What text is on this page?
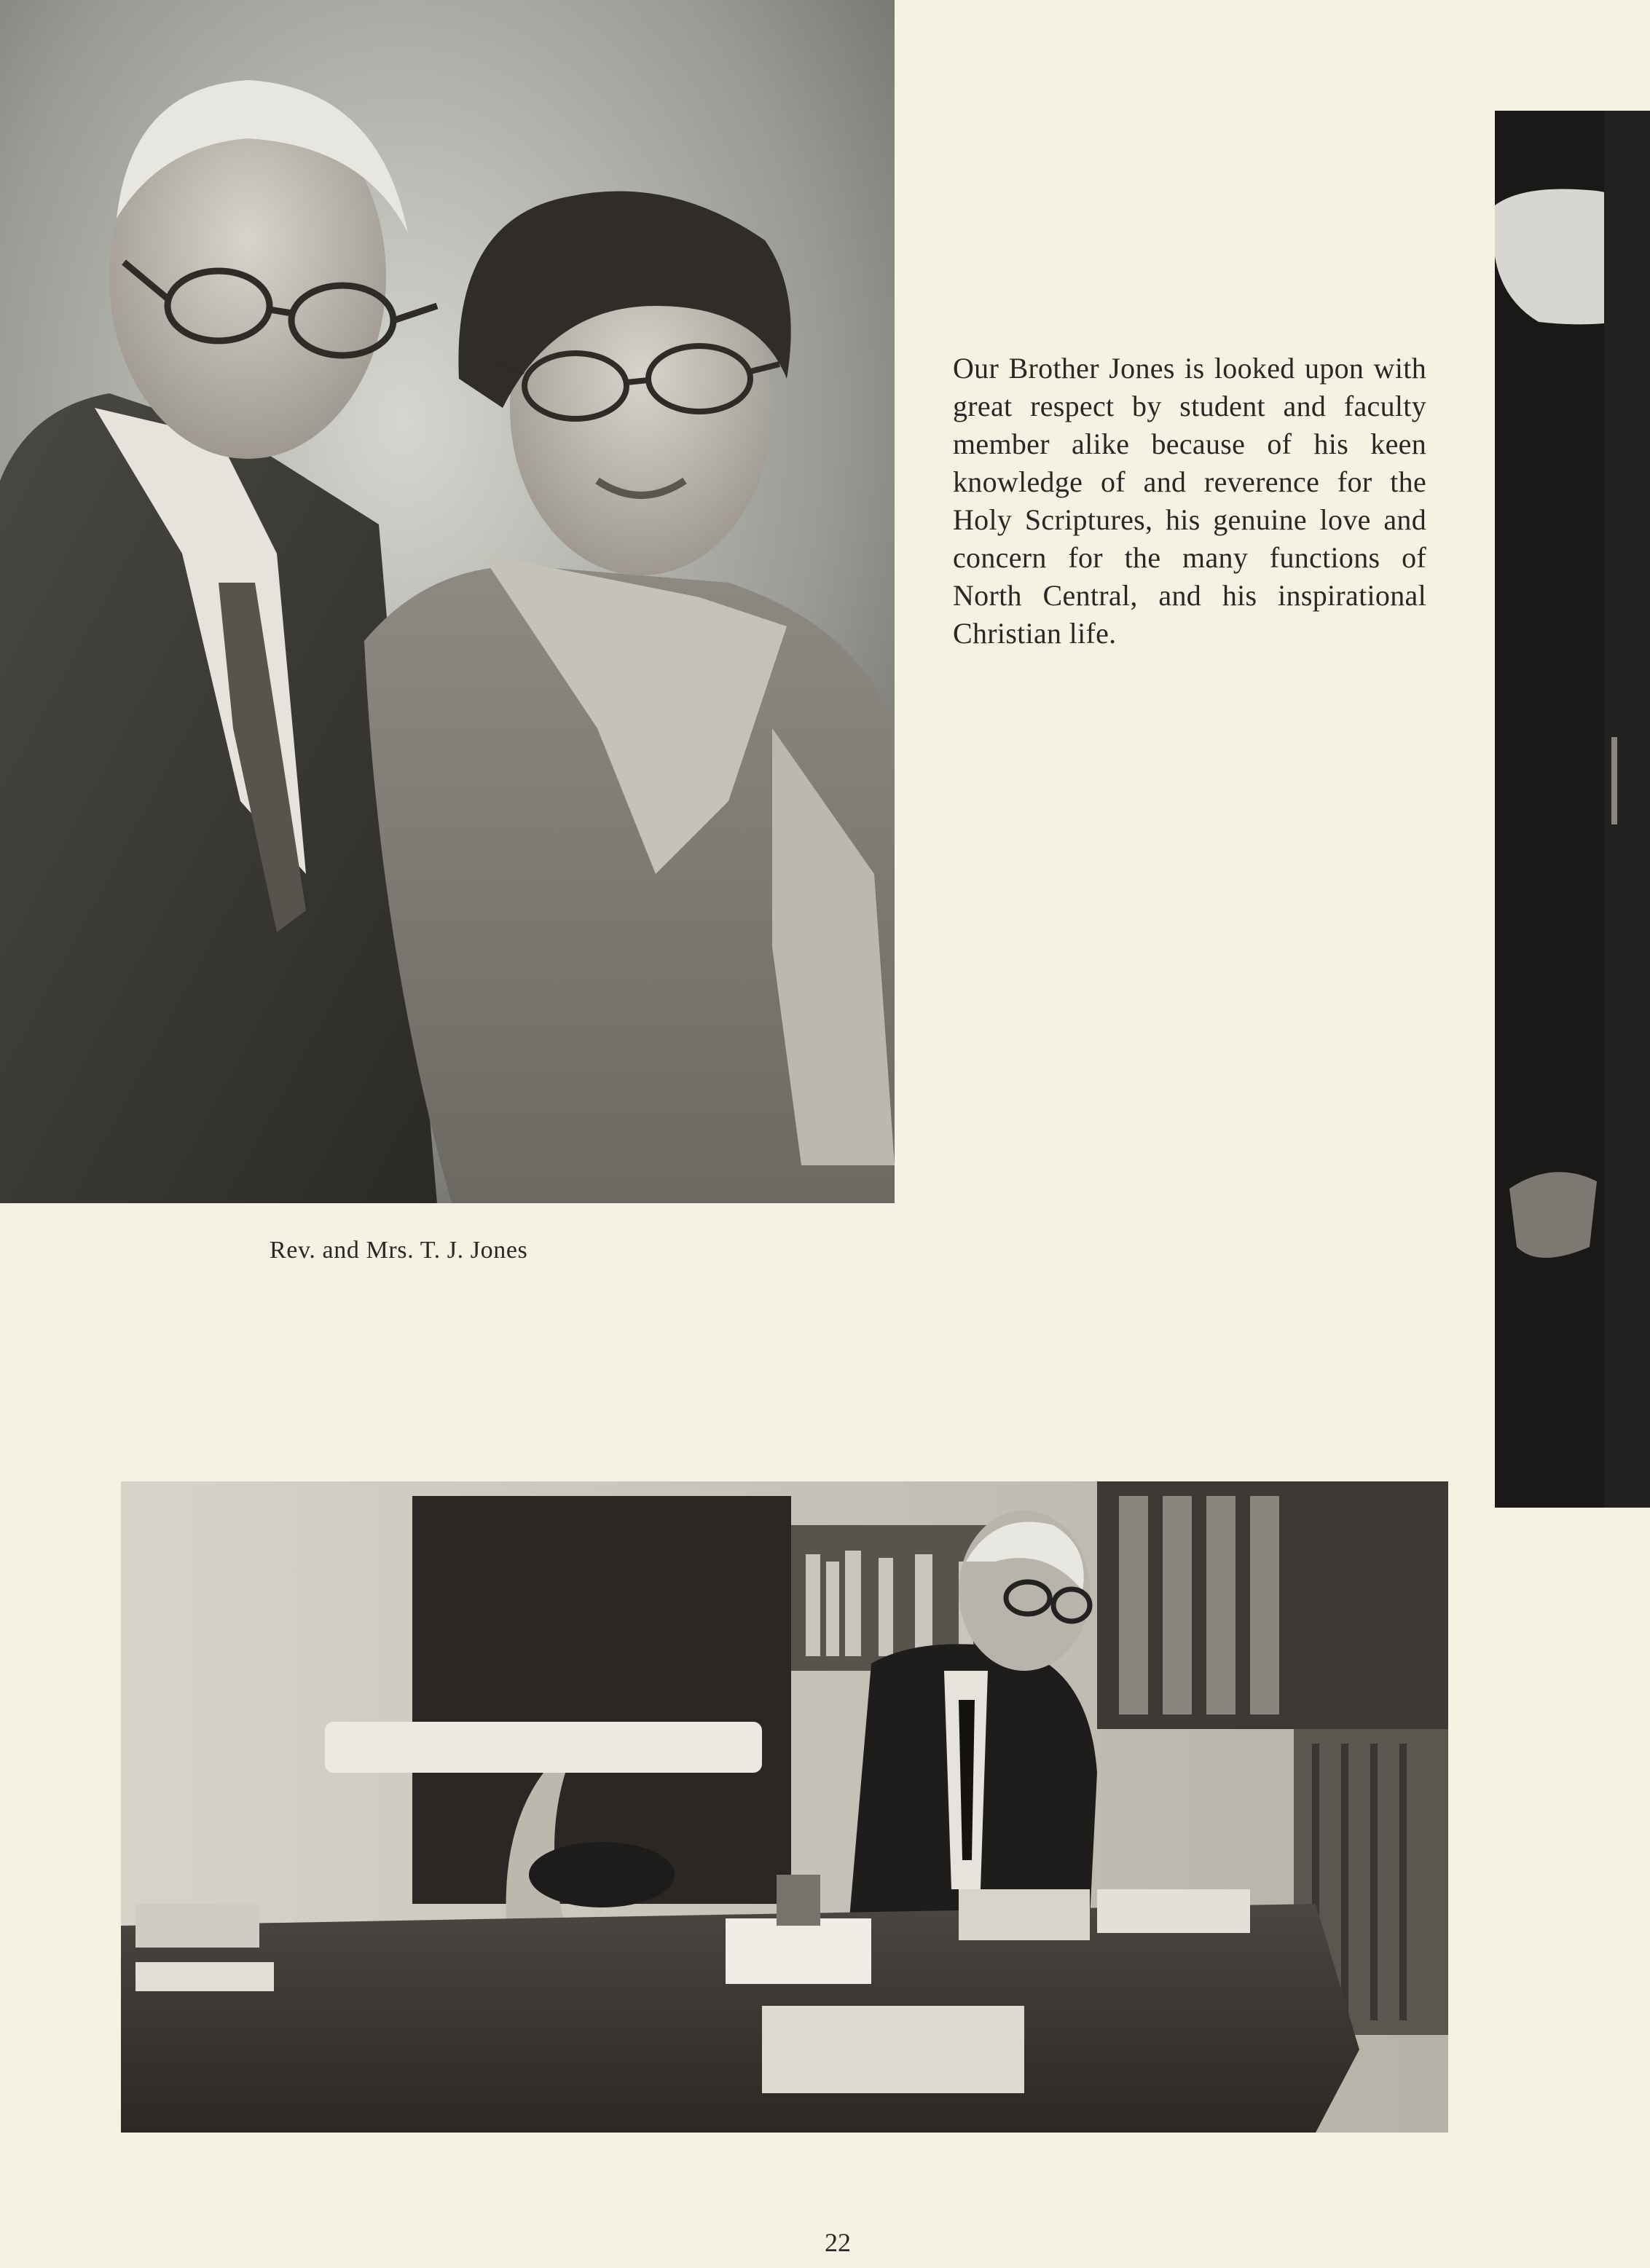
Our Brother Jones is looked upon with great respect by student and faculty member alike because of his keen knowledge of and reverence for the Holy Scriptures, his genuine love and concern for the many functions of North Central, and his inspirational Christian life.
Rev. and Mrs. T. J. Jones
22
